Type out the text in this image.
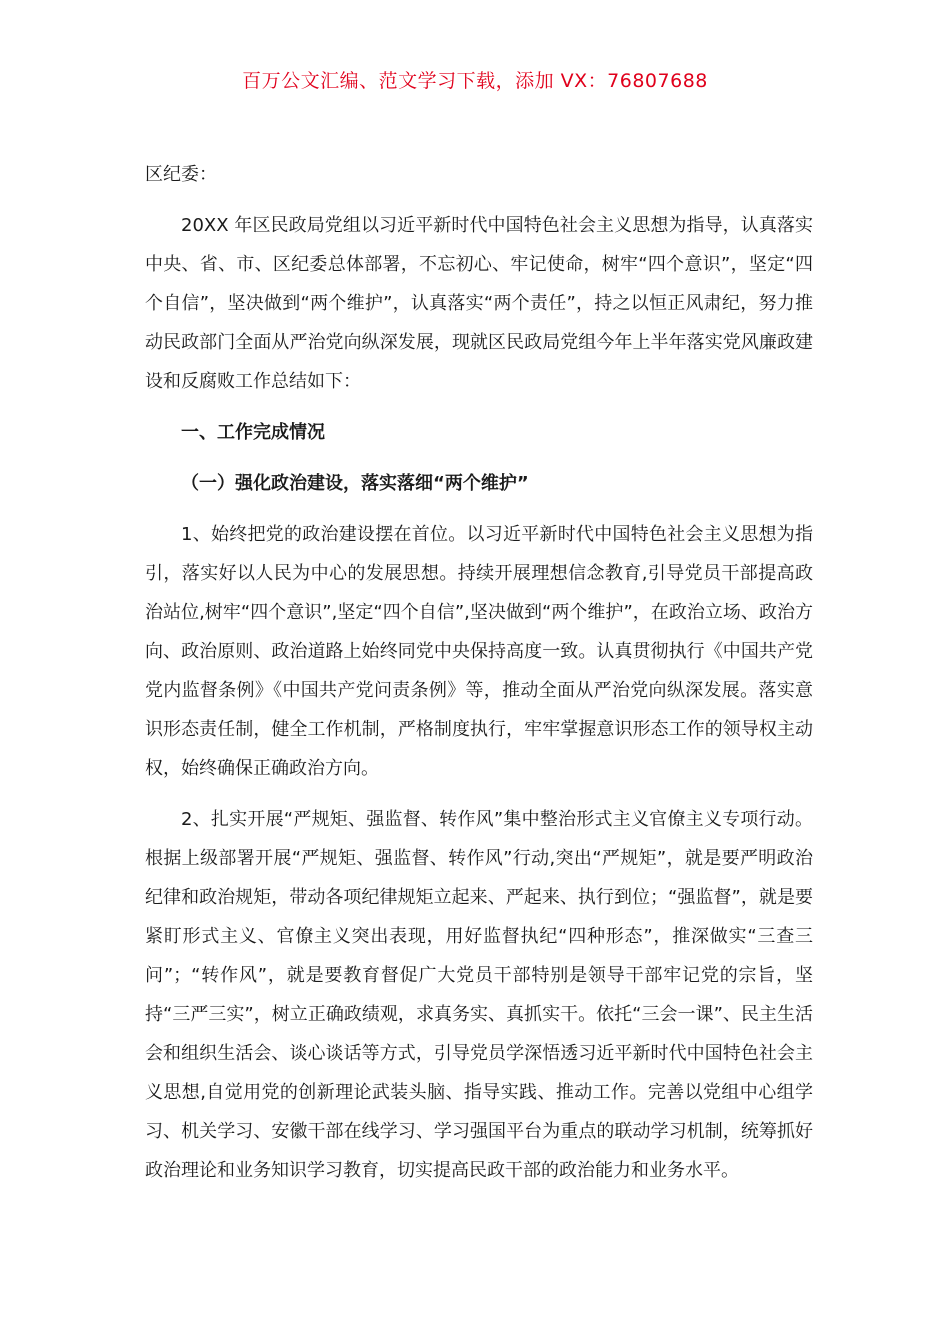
百万公文汇编、范文学习下载，添加 VX：76807688

区纪委：

20XX 年区民政局党组以习近平新时代中国特色社会主义思想为指导，认真落实中央、省、市、区纪委总体部署，不忘初心、牢记使命，树牢“四个意识”，坚定“四个自信”，坚决做到“两个维护”，认真落实“两个责任”，持之以恒正风肃纪，努力推动民政部门全面从严治党向纵深发展，现就区民政局党组今年上半年落实党风廉政建设和反腐败工作总结如下：

一、工作完成情况

（一）强化政治建设，落实落细“两个维护”

1、始终把党的政治建设摆在首位。以习近平新时代中国特色社会主义思想为指引，落实好以人民为中心的发展思想。持续开展理想信念教育,引导党员干部提高政治站位,树牢“四个意识”,坚定“四个自信”,坚决做到“两个维护”，在政治立场、政治方向、政治原则、政治道路上始终同党中央保持高度一致。认真贯彻执行《中国共产党党内监督条例》《中国共产党问责条例》等，推动全面从严治党向纵深发展。落实意识形态责任制，健全工作机制，严格制度执行，牢牢掌握意识形态工作的领导权主动权，始终确保正确政治方向。

2、扎实开展“严规矩、强监督、转作风”集中整治形式主义官僚主义专项行动。根据上级部署开展“严规矩、强监督、转作风”行动,突出“严规矩”，就是要严明政治纪律和政治规矩，带动各项纪律规矩立起来、严起来、执行到位；“强监督”，就是要紧盯形式主义、官僚主义突出表现，用好监督执纪“四种形态”，推深做实“三查三问”；“转作风”，就是要教育督促广大党员干部特别是领导干部牢记党的宗旨，坚持“三严三实”，树立正确政绩观，求真务实、真抓实干。依托“三会一课”、民主生活会和组织生活会、谈心谈话等方式，引导党员学深悟透习近平新时代中国特色社会主义思想,自觉用党的创新理论武装头脑、指导实践、推动工作。完善以党组中心组学习、机关学习、安徽干部在线学习、学习强国平台为重点的联动学习机制，统筹抓好政治理论和业务知识学习教育，切实提高民政干部的政治能力和业务水平。
